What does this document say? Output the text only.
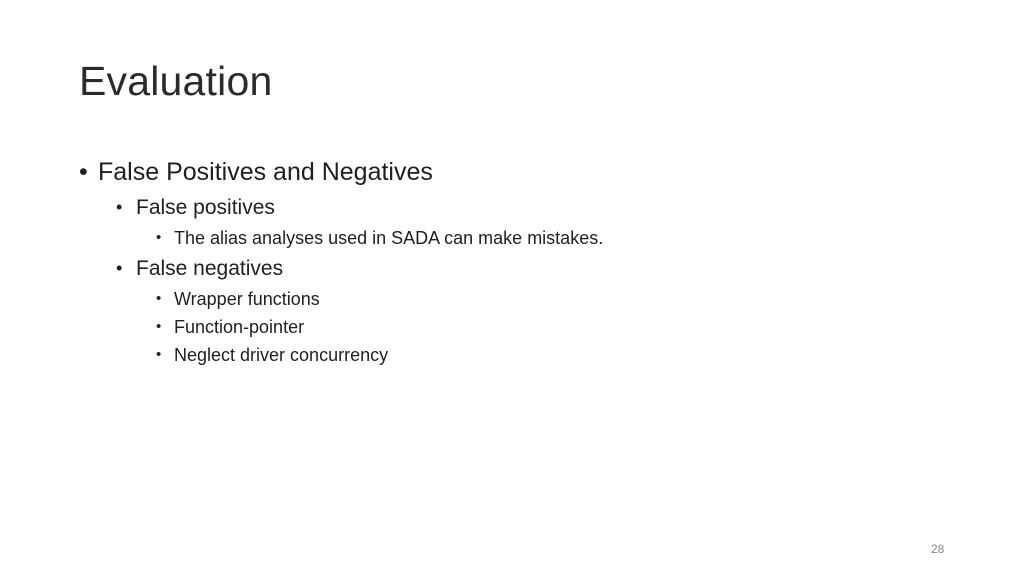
Evaluation
• False Positives and Negatives
• False positives
• The alias analyses used in SADA can make mistakes.
• False negatives
• Wrapper functions
• Function-pointer
• Neglect driver concurrency
28
